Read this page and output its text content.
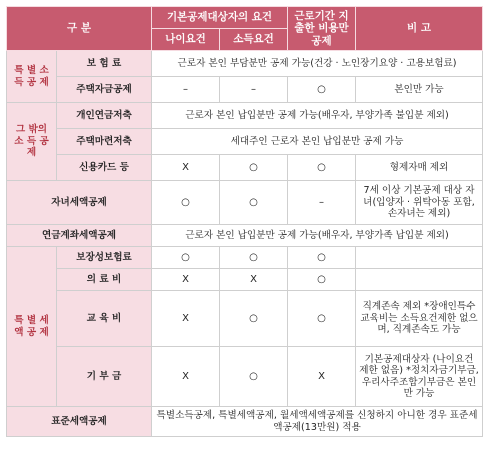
구 분		기본공제대상자의 요건		근로기간 지출한 비용만 공제	비 고
		나이요건	소득요건		
특 별 소 득 공 제	보 험 료	근로자 본인 부담분만 공제 가능(건강 · 노인장기요양 · 고용보험료)			
	주택자금공제	–	–	○	본인만 가능
그 밖의 소 득 공 제	개인연금저축	근로자 본인 납입분만 공제 가능(배우자, 부양가족 불입분 제외)			
	주택마련저축	세대주인 근로자 본인 납입분만 공제 가능			
	신용카드 등	X	○	○	형제자매 제외
자녀세액공제		○	○	–	7세 이상 기본공제 대상 자녀(입양자 · 위탁아동 포함, 손자녀는 제외)
연금계좌세액공제		근로자 본인 납입분만 공제 가능(배우자, 부양가족 납입분 제외)			
특 별 세 액 공 제	보장성보험료	○	○	○	
	의 료 비	X	X	○	
	교 육 비	X	○	○	직계존속 제외 *장애인특수교육비는 소득요건제한 없으며, 직계존속도 가능
	기 부 금	X	○	X	기본공제대상자 (나이요건 제한 없음) *정치자금기부금, 우리사주조합기부금은 본인만 가능
표준세액공제		특별소득공제, 특별세액공제, 월세액세액공제를 신청하지 아니한 경우 표준세액공제(13만원) 적용			
